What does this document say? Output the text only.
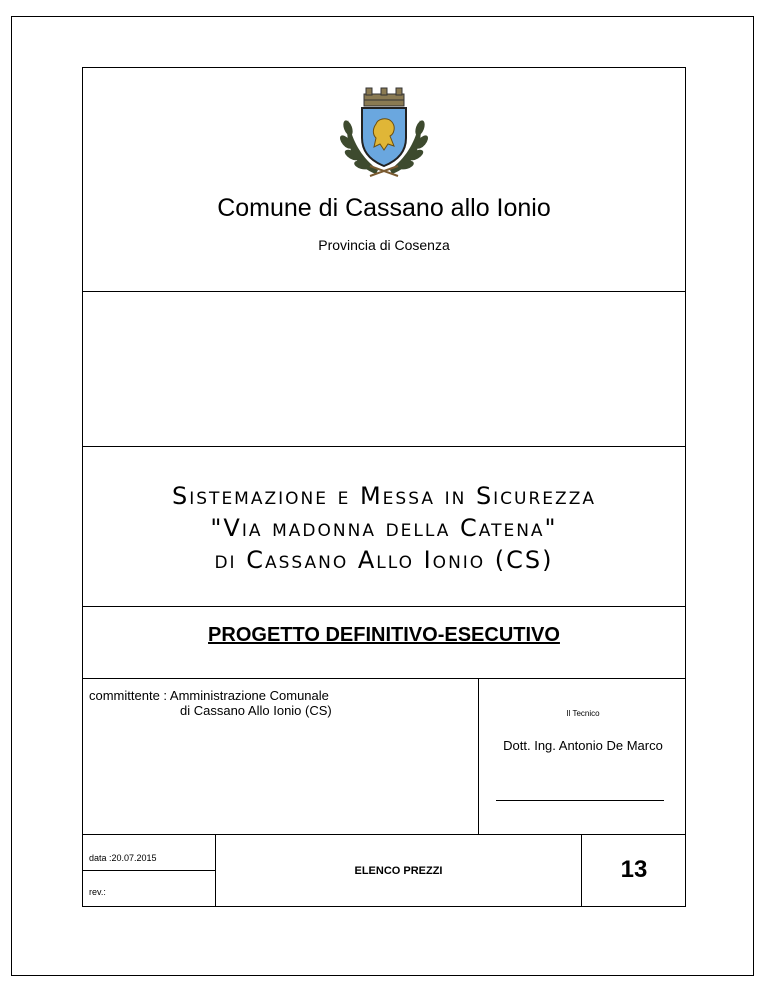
Comune di Cassano allo Ionio
Provincia di Cosenza
Sistemazione e Messa in Sicurezza
"Via madonna della Catena"
di Cassano Allo Ionio (CS)
PROGETTO DEFINITIVO-ESECUTIVO
committente : Amministrazione Comunale
di Cassano Allo Ionio (CS)	Il Tecnico
Dott. Ing. Antonio De Marco
data :20.07.2015
rev.:
ELENCO PREZZI	13
